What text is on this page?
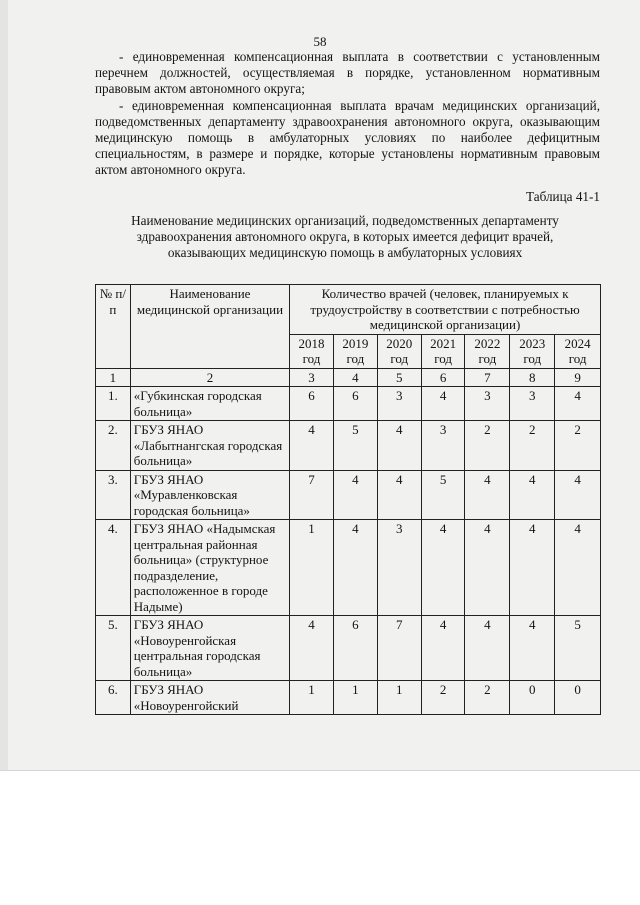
58
- единовременная компенсационная выплата в соответствии с установленным перечнем должностей, осуществляемая в порядке, установленном нормативным правовым актом автономного округа;
- единовременная компенсационная выплата врачам медицинских организаций, подведомственных департаменту здравоохранения автономного округа, оказывающим медицинскую помощь в амбулаторных условиях по наиболее дефицитным специальностям, в размере и порядке, которые установлены нормативным правовым актом автономного округа.
Таблица 41-1
Наименование медицинских организаций, подведомственных департаменту здравоохранения автономного округа, в которых имеется дефицит врачей, оказывающих медицинскую помощь в амбулаторных условиях
№ п/п	Наименование медицинской организации	Количество врачей (человек, планируемых к трудоустройству в соответствии с потребностью медицинской организации)						
		2018 год	2019 год	2020 год	2021 год	2022 год	2023 год	2024 год
1	2	3	4	5	6	7	8	9
1.	«Губкинская городская больница»	6	6	3	4	3	3	4
2.	ГБУЗ ЯНАО «Лабытнангская городская больница»	4	5	4	3	2	2	2
3.	ГБУЗ ЯНАО «Муравленковская городская больница»	7	4	4	5	4	4	4
4.	ГБУЗ ЯНАО «Надымская центральная районная больница» (структурное подразделение, расположенное в городе Надыме)	1	4	3	4	4	4	4
5.	ГБУЗ ЯНАО «Новоуренгойская центральная городская больница»	4	6	7	4	4	4	5
6.	ГБУЗ ЯНАО «Новоуренгойский	1	1	1	2	2	0	0
